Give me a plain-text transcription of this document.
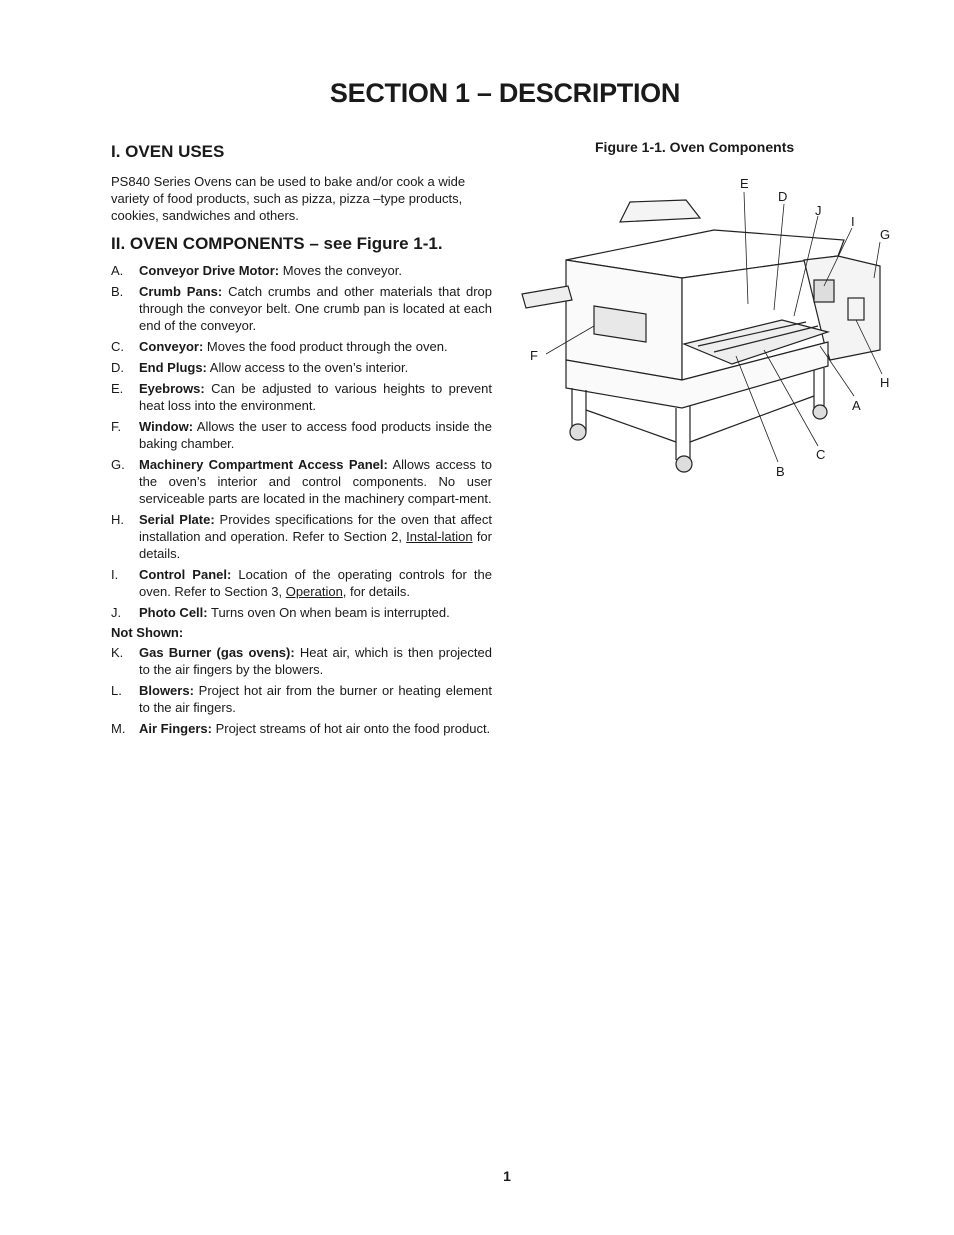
SECTION 1 – DESCRIPTION
I. OVEN USES

PS840 Series Ovens can be used to bake and/or cook a wide variety of food products, such as pizza, pizza –type products, cookies, sandwiches and others.

II. OVEN COMPONENTS – see Figure 1-1.
A. Conveyor Drive Motor: Moves the conveyor.
B. Crumb Pans: Catch crumbs and other materials that drop through the conveyor belt. One crumb pan is located at each end of the conveyor.
C. Conveyor: Moves the food product through the oven.
D. End Plugs: Allow access to the oven’s interior.
E. Eyebrows: Can be adjusted to various heights to prevent heat loss into the environment.
F. Window: Allows the user to access food products inside the baking chamber.
G. Machinery Compartment Access Panel: Allows access to the oven’s interior and control components. No user serviceable parts are located in the machinery compart-ment.
H. Serial Plate: Provides specifications for the oven that affect installation and operation. Refer to Section 2, Instal-lation for details.
I. Control Panel: Location of the operating controls for the oven. Refer to Section 3, Operation, for details.
J. Photo Cell: Turns oven On when beam is interrupted.
Not Shown:
K. Gas Burner (gas ovens): Heat air, which is then projected to the air fingers by the blowers.
L. Blowers: Project hot air from the burner or heating element to the air fingers.
M. Air Fingers: Project streams of hot air onto the food product.
Figure 1-1. Oven Components
E
D
J
I
G
F
H
A
C
B
1
